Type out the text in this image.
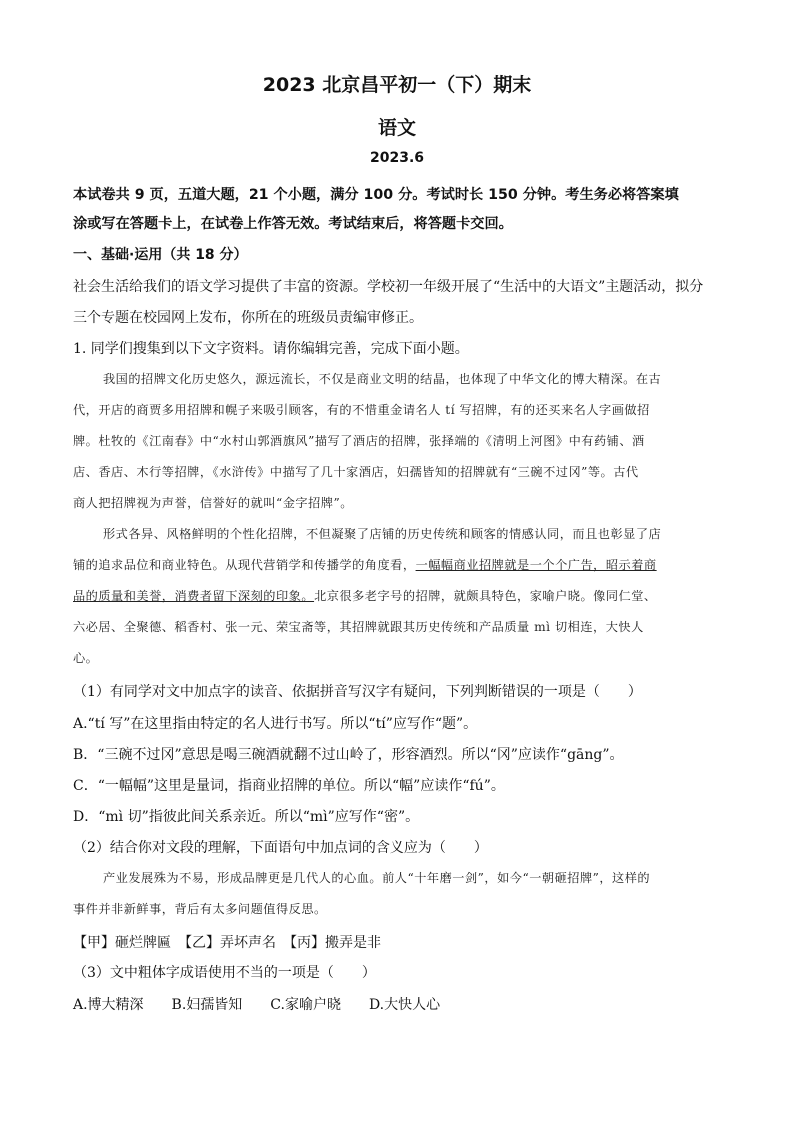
2023 北京昌平初一（下）期末
语文
2023.6
本试卷共 9 页，五道大题，21 个小题，满分 100 分。考试时长 150 分钟。考生务必将答案填
涂或写在答题卡上，在试卷上作答无效。考试结束后，将答题卡交回。
一、基础·运用（共 18 分）
社会生活给我们的语文学习提供了丰富的资源。学校初一年级开展了“生活中的大语文”主题活动，拟分
三个专题在校园网上发布，你所在的班级员责编审修正。
1. 同学们搜集到以下文字资料。请你编辑完善，完成下面小题。
我国的招牌文化历史悠久，源远流长，不仅是商业文明的结晶，也体现了中华文化的博大精深。在古
代，开店的商贾多用招牌和幌子来吸引顾客，有的不惜重金请名人 tí 写招牌，有的还买来名人字画做招
牌。杜牧的《江南春》中“水村山郭酒旗风”描写了酒店的招牌，张择端的《清明上河图》中有药铺、酒
店、香店、木行等招牌，《水浒传》中描写了几十家酒店，妇孺皆知的招牌就有“三碗不过冈”等。古代
商人把招牌视为声誉，信誉好的就叫“金字招牌”。
形式各异、风格鲜明的个性化招牌，不但凝聚了店铺的历史传统和顾客的情感认同，而且也彰显了店
铺的追求品位和商业特色。从现代营销学和传播学的角度看，一幅幅商业招牌就是一个个广告，昭示着商
品的质量和美誉，消费者留下深刻的印象。北京很多老字号的招牌，就颇具特色，家喻户晓。像同仁堂、
六必居、全聚德、稻香村、张一元、荣宝斋等，其招牌就跟其历史传统和产品质量 mì 切相连，大快人
心。
（1）有同学对文中加点字的读音、依据拼音写汉字有疑问，下列判断错误的一项是（　　）
A.“tí 写”在这里指由特定的名人进行书写。所以“tí”应写作“题”。
B．“三碗不过冈”意思是喝三碗酒就翻不过山岭了，形容酒烈。所以“冈”应读作“gāng”。
C．“一幅幅”这里是量词，指商业招牌的单位。所以“幅”应读作“fú”。
D．“mì 切”指彼此间关系亲近。所以“mì”应写作“密”。
（2）结合你对文段的理解，下面语句中加点词的含义应为（　　）
产业发展殊为不易，形成品牌更是几代人的心血。前人“十年磨一剑”，如今“一朝砸招牌”，这样的
事件并非新鲜事，背后有太多问题值得反思。
【甲】砸烂牌匾　【乙】弄坏声名　【丙】搬弄是非
（3）文中粗体字成语使用不当的一项是（　　）
A.博大精深　　B.妇孺皆知　　C.家喻户晓　　D.大快人心
